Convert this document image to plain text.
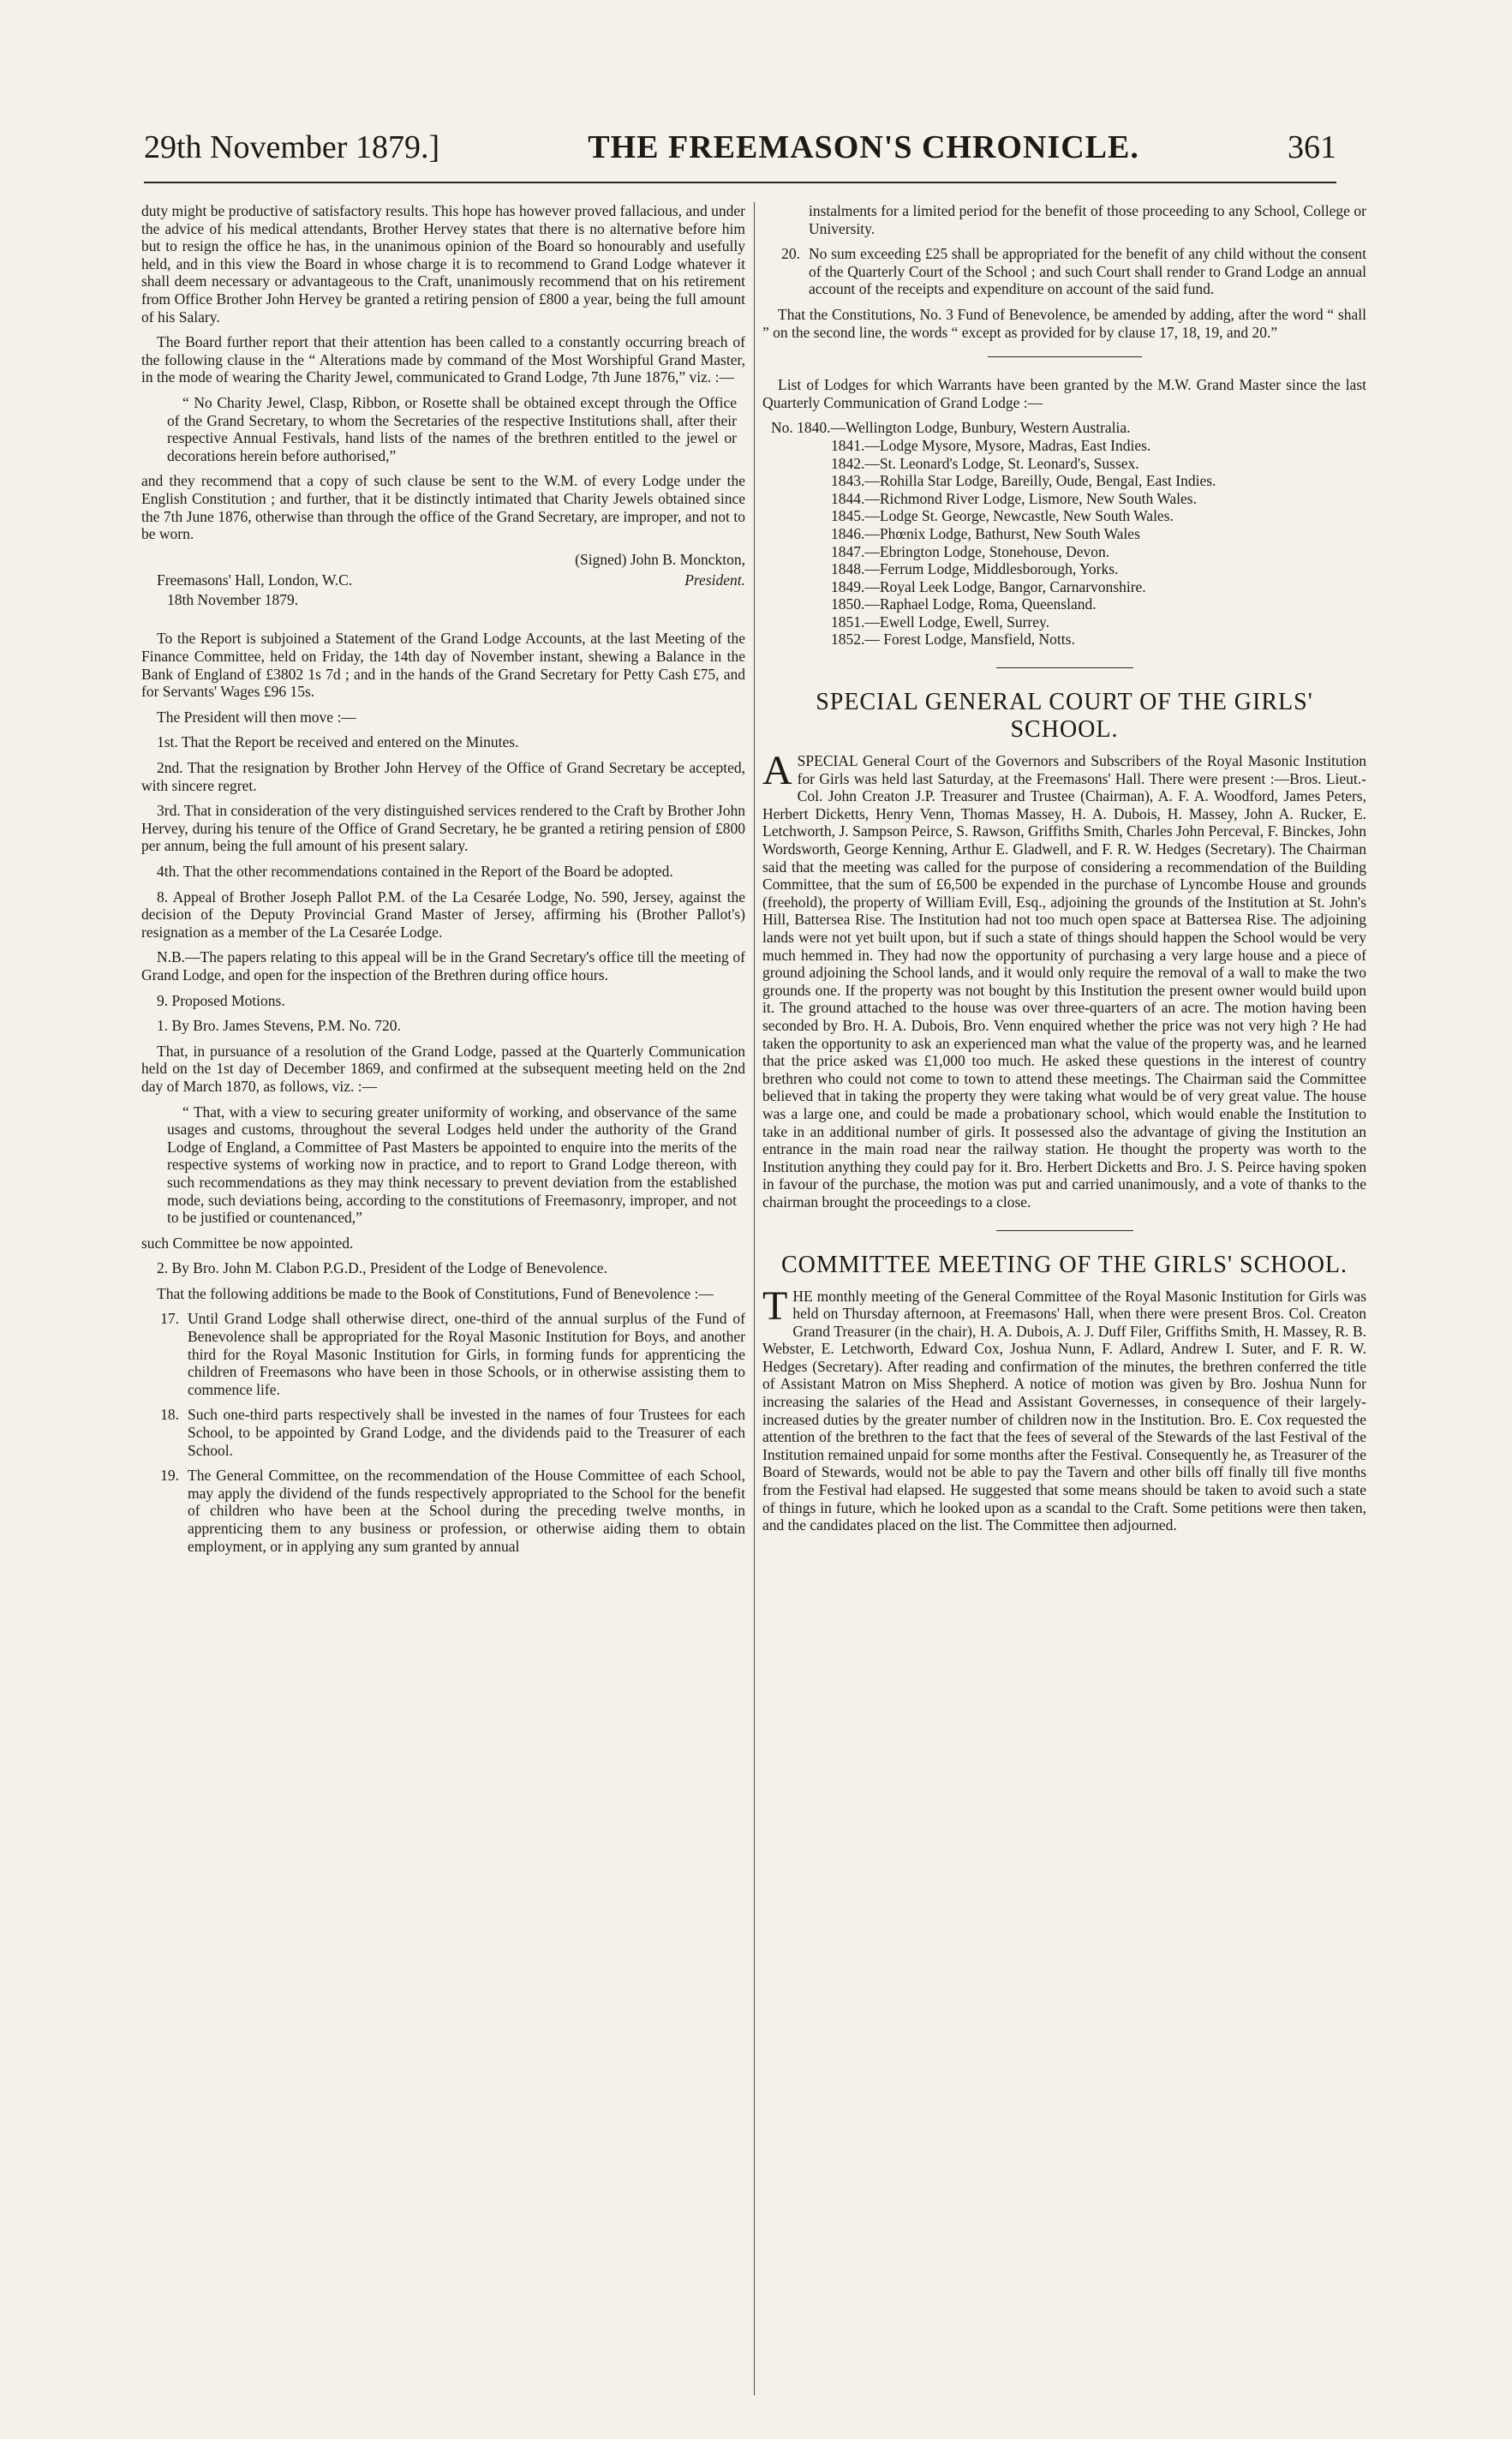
29th November 1879.]	THE FREEMASON'S CHRONICLE.	361

duty might be productive of satisfactory results. This hope has however proved fallacious, and under the advice of his medical attendants, Brother Hervey states that there is no alternative before him but to resign the office he has, in the unanimous opinion of the Board so honourably and usefully held, and in this view the Board in whose charge it is to recommend to Grand Lodge whatever it shall deem necessary or advantageous to the Craft, unanimously recommend that on his retirement from Office Brother John Hervey be granted a retiring pension of £800 a year, being the full amount of his Salary.

The Board further report that their attention has been called to a constantly occurring breach of the following clause in the “ Alterations made by command of the Most Worshipful Grand Master, in the mode of wearing the Charity Jewel, communicated to Grand Lodge, 7th June 1876,” viz. :—

“ No Charity Jewel, Clasp, Ribbon, or Rosette shall be obtained except through the Office of the Grand Secretary, to whom the Secretaries of the respective Institutions shall, after their respective Annual Festivals, hand lists of the names of the brethren entitled to the jewel or decorations herein before authorised,”

and they recommend that a copy of such clause be sent to the W.M. of every Lodge under the English Constitution ; and further, that it be distinctly intimated that Charity Jewels obtained since the 7th June 1876, otherwise than through the office of the Grand Secretary, are improper, and not to be worn.

(Signed) John B. Monckton,

Freemasons' Hall, London, W.C.	President.

18th November 1879.

To the Report is subjoined a Statement of the Grand Lodge Accounts, at the last Meeting of the Finance Committee, held on Friday, the 14th day of November instant, shewing a Balance in the Bank of England of £3802 1s 7d ; and in the hands of the Grand Secretary for Petty Cash £75, and for Servants' Wages £96 15s.

The President will then move :—

1st. That the Report be received and entered on the Minutes.

2nd. That the resignation by Brother John Hervey of the Office of Grand Secretary be accepted, with sincere regret.

3rd. That in consideration of the very distinguished services rendered to the Craft by Brother John Hervey, during his tenure of the Office of Grand Secretary, he be granted a retiring pension of £800 per annum, being the full amount of his present salary.

4th. That the other recommendations contained in the Report of the Board be adopted.

8. Appeal of Brother Joseph Pallot P.M. of the La Cesarée Lodge, No. 590, Jersey, against the decision of the Deputy Provincial Grand Master of Jersey, affirming his (Brother Pallot's) resignation as a member of the La Cesarée Lodge.

N.B.—The papers relating to this appeal will be in the Grand Secretary's office till the meeting of Grand Lodge, and open for the inspection of the Brethren during office hours.

9. Proposed Motions.

1. By Bro. James Stevens, P.M. No. 720.

That, in pursuance of a resolution of the Grand Lodge, passed at the Quarterly Communication held on the 1st day of December 1869, and confirmed at the subsequent meeting held on the 2nd day of March 1870, as follows, viz. :—

“ That, with a view to securing greater uniformity of working, and observance of the same usages and customs, throughout the several Lodges held under the authority of the Grand Lodge of England, a Committee of Past Masters be appointed to enquire into the merits of the respective systems of working now in practice, and to report to Grand Lodge thereon, with such recommendations as they may think necessary to prevent deviation from the established mode, such deviations being, according to the constitutions of Freemasonry, improper, and not to be justified or countenanced,”

such Committee be now appointed.

2. By Bro. John M. Clabon P.G.D., President of the Lodge of Benevolence.

That the following additions be made to the Book of Constitutions, Fund of Benevolence :—

17. Until Grand Lodge shall otherwise direct, one-third of the annual surplus of the Fund of Benevolence shall be appropriated for the Royal Masonic Institution for Boys, and another third for the Royal Masonic Institution for Girls, in forming funds for apprenticing the children of Freemasons who have been in those Schools, or in otherwise assisting them to commence life.
18. Such one-third parts respectively shall be invested in the names of four Trustees for each School, to be appointed by Grand Lodge, and the dividends paid to the Treasurer of each School.
19. The General Committee, on the recommendation of the House Committee of each School, may apply the dividend of the funds respectively appropriated to the School for the benefit of children who have been at the School during the preceding twelve months, in apprenticing them to any business or profession, or otherwise aiding them to obtain employment, or in applying any sum granted by annual

instalments for a limited period for the benefit of those proceeding to any School, College or University.

20. No sum exceeding £25 shall be appropriated for the benefit of any child without the consent of the Quarterly Court of the School ; and such Court shall render to Grand Lodge an annual account of the receipts and expenditure on account of the said fund.

That the Constitutions, No. 3 Fund of Benevolence, be amended by adding, after the word “ shall ” on the second line, the words “ except as provided for by clause 17, 18, 19, and 20.”

List of Lodges for which Warrants have been granted by the M.W. Grand Master since the last Quarterly Communication of Grand Lodge :—

No. 1840.—Wellington Lodge, Bunbury, Western Australia.
1841.—Lodge Mysore, Mysore, Madras, East Indies.
1842.—St. Leonard's Lodge, St. Leonard's, Sussex.
1843.—Rohilla Star Lodge, Bareilly, Oude, Bengal, East Indies.
1844.—Richmond River Lodge, Lismore, New South Wales.
1845.—Lodge St. George, Newcastle, New South Wales.
1846.—Phœnix Lodge, Bathurst, New South Wales
1847.—Ebrington Lodge, Stonehouse, Devon.
1848.—Ferrum Lodge, Middlesborough, Yorks.
1849.—Royal Leek Lodge, Bangor, Carnarvonshire.
1850.—Raphael Lodge, Roma, Queensland.
1851.—Ewell Lodge, Ewell, Surrey.
1852.— Forest Lodge, Mansfield, Notts.
SPECIAL GENERAL COURT OF THE GIRLS' SCHOOL.

ASPECIAL General Court of the Governors and Subscribers of the Royal Masonic Institution for Girls was held last Saturday, at the Freemasons' Hall. There were present :—Bros. Lieut.-Col. John Creaton J.P. Treasurer and Trustee (Chairman), A. F. A. Woodford, James Peters, Herbert Dicketts, Henry Venn, Thomas Massey, H. A. Dubois, H. Massey, John A. Rucker, E. Letchworth, J. Sampson Peirce, S. Rawson, Griffiths Smith, Charles John Perceval, F. Binckes, John Wordsworth, George Kenning, Arthur E. Gladwell, and F. R. W. Hedges (Secretary). The Chairman said that the meeting was called for the purpose of considering a recommendation of the Building Committee, that the sum of £6,500 be expended in the purchase of Lyncombe House and grounds (freehold), the property of William Evill, Esq., adjoining the grounds of the Institution at St. John's Hill, Battersea Rise. The Institution had not too much open space at Battersea Rise. The adjoining lands were not yet built upon, but if such a state of things should happen the School would be very much hemmed in. They had now the opportunity of purchasing a very large house and a piece of ground adjoining the School lands, and it would only require the removal of a wall to make the two grounds one. If the property was not bought by this Institution the present owner would build upon it. The ground attached to the house was over three-quarters of an acre. The motion having been seconded by Bro. H. A. Dubois, Bro. Venn enquired whether the price was not very high ? He had taken the opportunity to ask an experienced man what the value of the property was, and he learned that the price asked was £1,000 too much. He asked these questions in the interest of country brethren who could not come to town to attend these meetings. The Chairman said the Committee believed that in taking the property they were taking what would be of very great value. The house was a large one, and could be made a probationary school, which would enable the Institution to take in an additional number of girls. It possessed also the advantage of giving the Institution an entrance in the main road near the railway station. He thought the property was worth to the Institution anything they could pay for it. Bro. Herbert Dicketts and Bro. J. S. Peirce having spoken in favour of the purchase, the motion was put and carried unanimously, and a vote of thanks to the chairman brought the proceedings to a close.

COMMITTEE MEETING OF THE GIRLS' SCHOOL.

THE monthly meeting of the General Committee of the Royal Masonic Institution for Girls was held on Thursday afternoon, at Freemasons' Hall, when there were present Bros. Col. Creaton Grand Treasurer (in the chair), H. A. Dubois, A. J. Duff Filer, Griffiths Smith, H. Massey, R. B. Webster, E. Letchworth, Edward Cox, Joshua Nunn, F. Adlard, Andrew I. Suter, and F. R. W. Hedges (Secretary). After reading and confirmation of the minutes, the brethren conferred the title of Assistant Matron on Miss Shepherd. A notice of motion was given by Bro. Joshua Nunn for increasing the salaries of the Head and Assistant Governesses, in consequence of their largely-increased duties by the greater number of children now in the Institution. Bro. E. Cox requested the attention of the brethren to the fact that the fees of several of the Stewards of the last Festival of the Institution remained unpaid for some months after the Festival. Consequently he, as Treasurer of the Board of Stewards, would not be able to pay the Tavern and other bills off finally till five months from the Festival had elapsed. He suggested that some means should be taken to avoid such a state of things in future, which he looked upon as a scandal to the Craft. Some petitions were then taken, and the candidates placed on the list. The Committee then adjourned.
